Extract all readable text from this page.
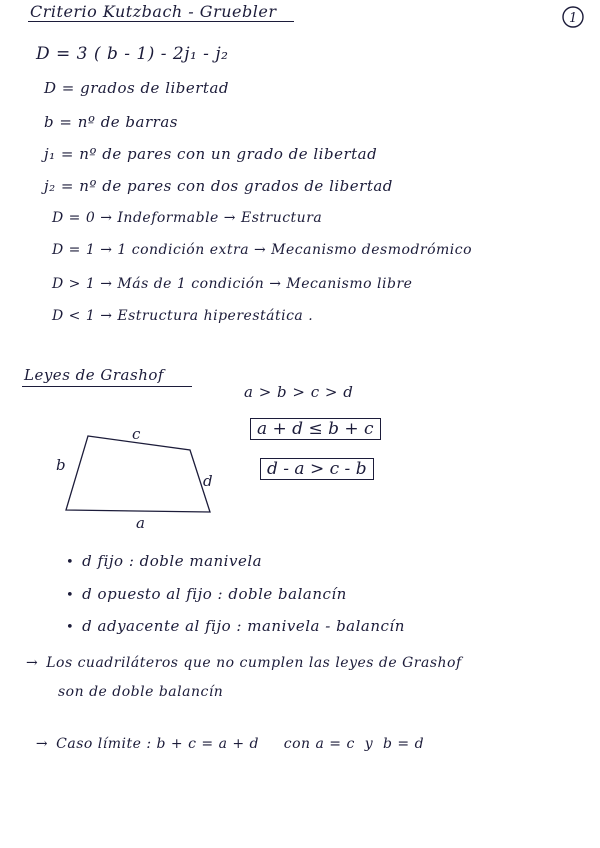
1
Criterio Kutzbach - Gruebler
D = 3 ( b - 1) - 2j₁ - j₂
D = grados de libertad
b = nº de barras
j₁ = nº de pares con un grado de libertad
j₂ = nº de pares con dos grados de libertad
D = 0 → Indeformable → Estructura
D = 1 → 1 condición extra → Mecanismo desmodrómico
D > 1 → Más de 1 condición → Mecanismo libre
D < 1 → Estructura hiperestática .
Leyes de Grashof
a > b > c > d
a + d ≤ b + c
d - a > c - b
c
b
d
a
• d fijo : doble manivela
• d opuesto al fijo : doble balancín
• d adyacente al fijo : manivela - balancín
→ Los cuadriláteros que no cumplen las leyes de Grashof
son de doble balancín

→ Caso límite : b + c = a + d     con a = c  y  b = d
